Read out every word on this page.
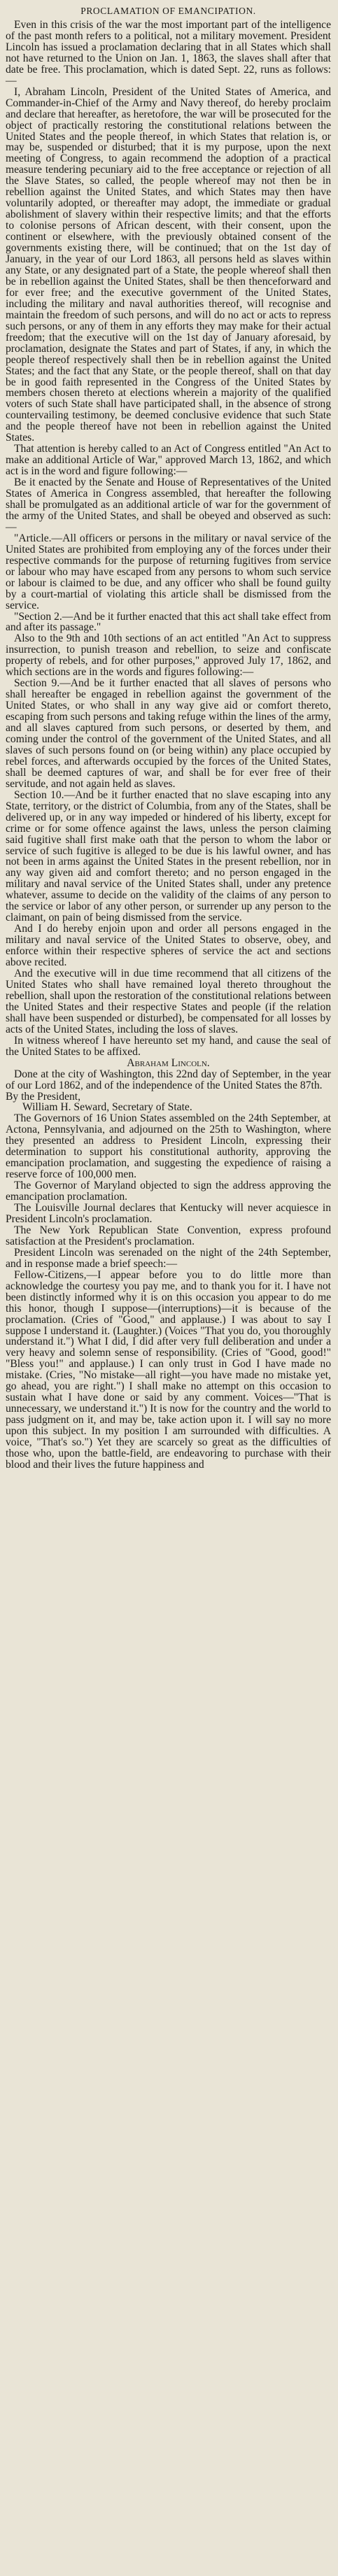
PROCLAMATION OF EMANCIPATION.

Even in this crisis of the war the most important part of the intelligence of the past month refers to a political, not a military movement. President Lincoln has issued a proclamation declaring that in all States which shall not have returned to the Union on Jan. 1, 1863, the slaves shall after that date be free. This proclamation, which is dated Sept. 22, runs as follows:—

I, Abraham Lincoln, President of the United States of America, and Commander-in-Chief of the Army and Navy thereof, do hereby proclaim and declare that hereafter, as heretofore, the war will be prosecuted for the object of practically restoring the constitutional relations between the United States and the people thereof, in which States that relation is, or may be, suspended or disturbed; that it is my purpose, upon the next meeting of Congress, to again recommend the adoption of a practical measure tendering pecuniary aid to the free acceptance or rejection of all the Slave States, so called, the people whereof may not then be in rebellion against the United States, and which States may then have voluntarily adopted, or thereafter may adopt, the immediate or gradual abolishment of slavery within their respective limits; and that the efforts to colonise persons of African descent, with their consent, upon the continent or elsewhere, with the previously obtained consent of the governments existing there, will be continued; that on the 1st day of January, in the year of our Lord 1863, all persons held as slaves within any State, or any designated part of a State, the people whereof shall then be in rebellion against the United States, shall be then thenceforward and for ever free; and the executive government of the United States, including the military and naval authorities thereof, will recognise and maintain the freedom of such persons, and will do no act or acts to repress such persons, or any of them in any efforts they may make for their actual freedom; that the executive will on the 1st day of January aforesaid, by proclamation, designate the States and part of States, if any, in which the people thereof respectively shall then be in rebellion against the United States; and the fact that any State, or the people thereof, shall on that day be in good faith represented in the Congress of the United States by members chosen thereto at elections wherein a majority of the qualified voters of such State shall have participated shall, in the absence of strong countervailing testimony, be deemed conclusive evidence that such State and the people thereof have not been in rebellion against the United States.

That attention is hereby called to an Act of Congress entitled "An Act to make an additional Article of War," approved March 13, 1862, and which act is in the word and figure following:—

Be it enacted by the Senate and House of Representatives of the United States of America in Congress assembled, that hereafter the following shall be promulgated as an additional article of war for the government of the army of the United States, and shall be obeyed and observed as such:—

"Article.—All officers or persons in the military or naval service of the United States are prohibited from employing any of the forces under their respective commands for the purpose of returning fugitives from service or labour who may have escaped from any persons to whom such service or labour is claimed to be due, and any officer who shall be found guilty by a court-martial of violating this article shall be dismissed from the service.

"Section 2.—And be it further enacted that this act shall take effect from and after its passage."

Also to the 9th and 10th sections of an act entitled "An Act to suppress insurrection, to punish treason and rebellion, to seize and confiscate property of rebels, and for other purposes," approved July 17, 1862, and which sections are in the words and figures following:—

Section 9.—And be it further enacted that all slaves of persons who shall hereafter be engaged in rebellion against the government of the United States, or who shall in any way give aid or comfort thereto, escaping from such persons and taking refuge within the lines of the army, and all slaves captured from such persons, or deserted by them, and coming under the control of the government of the United States, and all slaves of such persons found on (or being within) any place occupied by rebel forces, and afterwards occupied by the forces of the United States, shall be deemed captures of war, and shall be for ever free of their servitude, and not again held as slaves.

Section 10.—And be it further enacted that no slave escaping into any State, territory, or the district of Columbia, from any of the States, shall be delivered up, or in any way impeded or hindered of his liberty, except for crime or for some offence against the laws, unless the person claiming said fugitive shall first make oath that the person to whom the labor or service of such fugitive is alleged to be due is his lawful owner, and has not been in arms against the United States in the present rebellion, nor in any way given aid and comfort thereto; and no person engaged in the military and naval service of the United States shall, under any pretence whatever, assume to decide on the validity of the claims of any person to the service or labor of any other person, or surrender up any person to the claimant, on pain of being dismissed from the service.

And I do hereby enjoin upon and order all persons engaged in the military and naval service of the United States to observe, obey, and enforce within their respective spheres of service the act and sections above recited.

And the executive will in due time recommend that all citizens of the United States who shall have remained loyal thereto throughout the rebellion, shall upon the restoration of the constitutional relations between the United States and their respective States and people (if the relation shall have been suspended or disturbed), be compensated for all losses by acts of the United States, including the loss of slaves.

In witness whereof I have hereunto set my hand, and cause the seal of the United States to be affixed.

Abraham Lincoln.

Done at the city of Washington, this 22nd day of September, in the year of our Lord 1862, and of the independence of the United States the 87th.

By the President,

William H. Seward, Secretary of State.

The Governors of 16 Union States assembled on the 24th September, at Actona, Pennsylvania, and adjourned on the 25th to Washington, where they presented an address to President Lincoln, expressing their determination to support his constitutional authority, approving the emancipation proclamation, and suggesting the expedience of raising a reserve force of 100,000 men.

The Governor of Maryland objected to sign the address approving the emancipation proclamation.

The Louisville Journal declares that Kentucky will never acquiesce in President Lincoln's proclamation.

The New York Republican State Convention, express profound satisfaction at the President's proclamation.

President Lincoln was serenaded on the night of the 24th September, and in response made a brief speech:—

Fellow-Citizens,—I appear before you to do little more than acknowledge the courtesy you pay me, and to thank you for it. I have not been distinctly informed why it is on this occasion you appear to do me this honor, though I suppose—(interruptions)—it is because of the proclamation. (Cries of "Good," and applause.) I was about to say I suppose I understand it. (Laughter.) (Voices "That you do, you thoroughly understand it.") What I did, I did after very full deliberation and under a very heavy and solemn sense of responsibility. (Cries of "Good, good!" "Bless you!" and applause.) I can only trust in God I have made no mistake. (Cries, "No mistake—all right—you have made no mistake yet, go ahead, you are right.") I shall make no attempt on this occasion to sustain what I have done or said by any comment. Voices—"That is unnecessary, we understand it.") It is now for the country and the world to pass judgment on it, and may be, take action upon it. I will say no more upon this subject. In my position I am surrounded with difficulties. A voice, "That's so.") Yet they are scarcely so great as the difficulties of those who, upon the battle-field, are endeavoring to purchase with their blood and their lives the future happiness and
